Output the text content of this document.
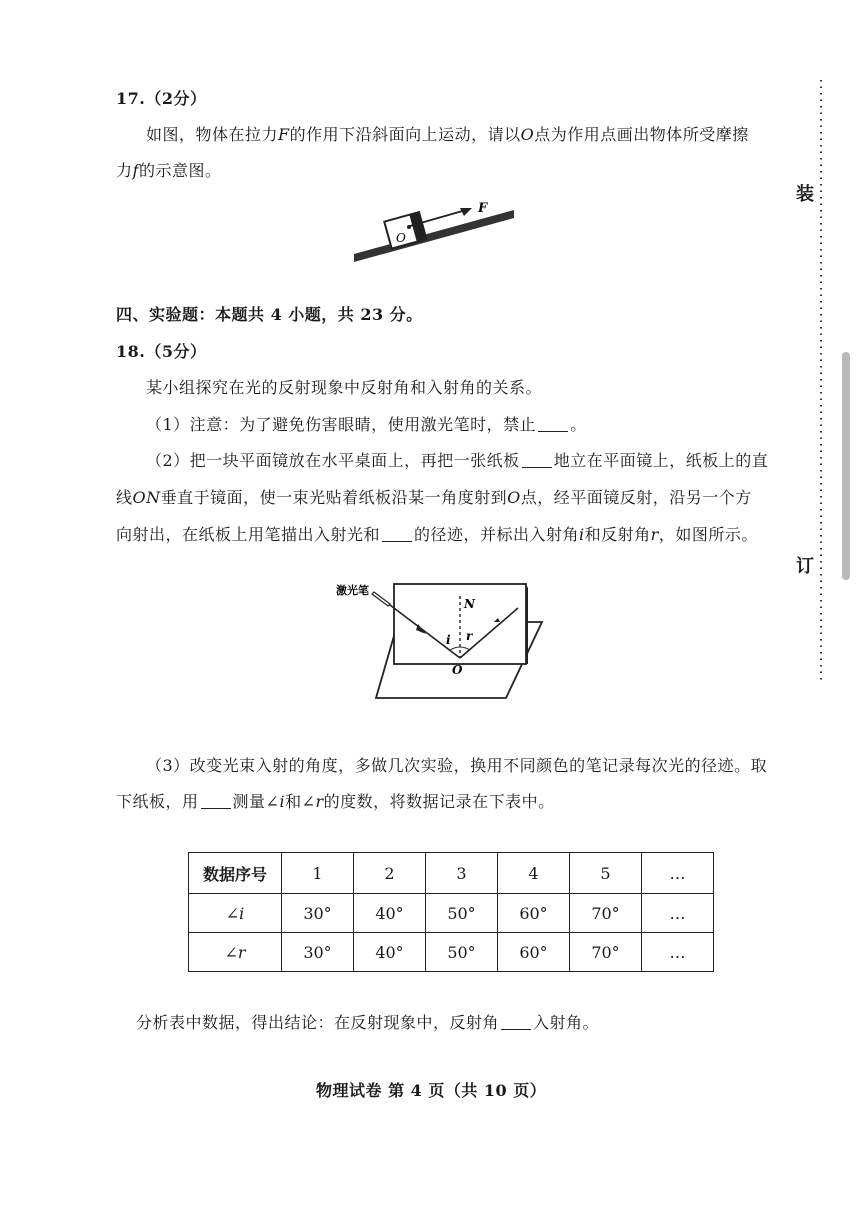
17.（2分）
如图，物体在拉力F的作用下沿斜面向上运动，请以O点为作用点画出物体所受摩擦
力f的示意图。
F
O
四、实验题：本题共 4 小题，共 23 分。
18.（5分）
某小组探究在光的反射现象中反射角和入射角的关系。
（1）注意：为了避免伤害眼睛，使用激光笔时，禁止 。
（2）把一块平面镜放在水平桌面上，再把一张纸板 地立在平面镜上，纸板上的直
线ON垂直于镜面，使一束光贴着纸板沿某一角度射到O点，经平面镜反射，沿另一个方
向射出，在纸板上用笔描出入射光和 的径迹，并标出入射角i和反射角r，如图所示。
激光笔
N
i r
O
（3）改变光束入射的角度，多做几次实验，换用不同颜色的笔记录每次光的径迹。取
下纸板，用 测量∠i和∠r的度数，将数据记录在下表中。
数据序号	1	2	3	4	5	…
∠i	30°	40°	50°	60°	70°	…
∠r	30°	40°	50°	60°	70°	…
分析表中数据，得出结论：在反射现象中，反射角 入射角。
物理试卷 第 4 页（共 10 页）
装
订
